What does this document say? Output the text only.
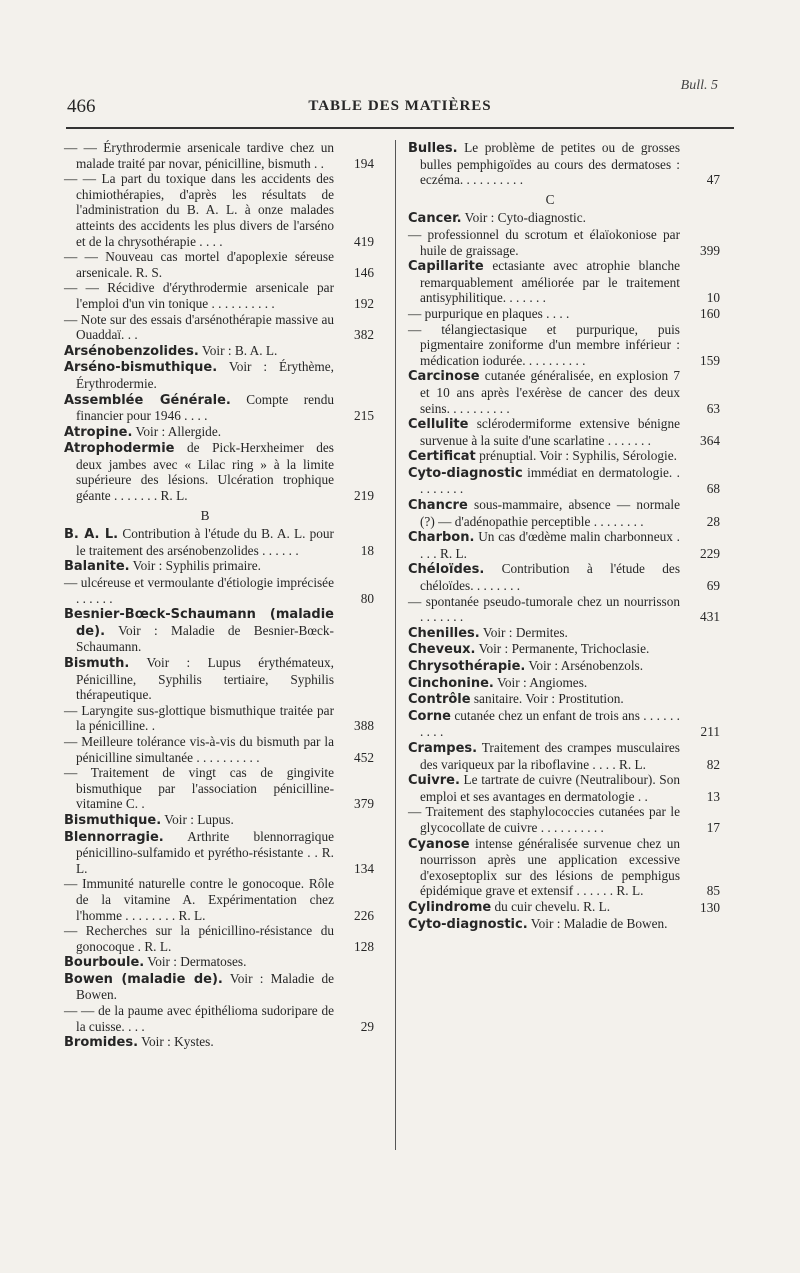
Bull. 5
466	TABLE DES MATIÈRES

— — Érythrodermie arsenicale tardive chez un malade traité par novar, pénicilline, bismuth . . 194

— — La part du toxique dans les accidents des chimiothérapies, d'après les résultats de l'administration du B. A. L. à onze malades atteints des accidents les plus divers de l'arséno et de la chrysothérapie . . . .	419

— — Nouveau cas mortel d'apoplexie séreuse arsenicale. R. S.	146

— — Récidive d'érythrodermie arsenicale par l'emploi d'un vin tonique . . . . . . . . . .	192

— Note sur des essais d'arsénothérapie massive au Ouaddaï. . .	382

Arsénobenzolides. Voir : B. A. L.

Arséno-bismuthique. Voir : Érythème, Érythrodermie.

Assemblée Générale. Compte rendu financier pour 1946 . . . .	215

Atropine. Voir : Allergide.

Atrophodermie de Pick-Herxheimer des deux jambes avec « Lilac ring » à la limite supérieure des lésions. Ulcération trophique géante . . . . . . . R. L.	219

B

B. A. L. Contribution à l'étude du B. A. L. pour le traitement des arsénobenzolides . . . . . .	18

Balanite. Voir : Syphilis primaire.

— ulcéreuse et vermoulante d'étiologie imprécisée . . . . . .	80

Besnier-Bœck-Schaumann (maladie de). Voir : Maladie de Besnier-Bœck-Schaumann.

Bismuth. Voir : Lupus érythémateux, Pénicilline, Syphilis tertiaire, Syphilis thérapeutique.

— Laryngite sus-glottique bismuthique traitée par la pénicilline. .	388

— Meilleure tolérance vis-à-vis du bismuth par la pénicilline simultanée . . . . . . . . . .	452

— Traitement de vingt cas de gingivite bismuthique par l'association pénicilline-vitamine C. .	379

Bismuthique. Voir : Lupus.

Blennorragie. Arthrite blennorragique pénicillino-sulfamido et pyrétho-résistante . . R. L.	134

— Immunité naturelle contre le gonocoque. Rôle de la vitamine A. Expérimentation chez l'homme . . . . . . . . R. L.	226

— Recherches sur la pénicillino-résistance du gonocoque . R. L.	128

Bourboule. Voir : Dermatoses.

Bowen (maladie de). Voir : Maladie de Bowen.

— — de la paume avec épithélioma sudoripare de la cuisse. . . .	29

Bromides. Voir : Kystes.

Bulles. Le problème de petites ou de grosses bulles pemphigoïdes au cours des dermatoses : eczéma. . . . . . . . . .	47

C

Cancer. Voir : Cyto-diagnostic.

— professionnel du scrotum et élaïokoniose par huile de graissage.	399

Capillarite ectasiante avec atrophie blanche remarquablement améliorée par le traitement antisyphilitique. . . . . . .	10

— purpurique en plaques . . . .	160

— télangiectasique et purpurique, puis pigmentaire zoniforme d'un membre inférieur : médication iodurée. . . . . . . . . .	159

Carcinose cutanée généralisée, en explosion 7 et 10 ans après l'exérèse de cancer des deux seins. . . . . . . . . .	63

Cellulite sclérodermiforme extensive bénigne survenue à la suite d'une scarlatine . . . . . . .	364

Certificat prénuptial. Voir : Syphilis, Sérologie.

Cyto-diagnostic immédiat en dermatologie. . . . . . . . .	68

Chancre sous-mammaire, absence — normale (?) — d'adénopathie perceptible . . . . . . . .	28

Charbon. Un cas d'œdème malin charbonneux . . . . R. L.	229

Chéloïdes. Contribution à l'étude des chéloïdes. . . . . . . .	69

— spontanée pseudo-tumorale chez un nourrisson . . . . . . .	431

Chenilles. Voir : Dermites.

Cheveux. Voir : Permanente, Trichoclasie.

Chrysothérapie. Voir : Arsénobenzols.

Cinchonine. Voir : Angiomes.

Contrôle sanitaire. Voir : Prostitution.

Corne cutanée chez un enfant de trois ans . . . . . . . . . .	211

Crampes. Traitement des crampes musculaires des variqueux par la riboflavine . . . . R. L.	82

Cuivre. Le tartrate de cuivre (Neutralibour). Son emploi et ses avantages en dermatologie . .	13

— Traitement des staphylococcies cutanées par le glycocollate de cuivre . . . . . . . . . .	17

Cyanose intense généralisée survenue chez un nourrisson après une application excessive d'exoseptoplix sur des lésions de pemphigus épidémique grave et extensif . . . . . . R. L.	85

Cylindrome du cuir chevelu. R. L.	130

Cyto-diagnostic. Voir : Maladie de Bowen.
